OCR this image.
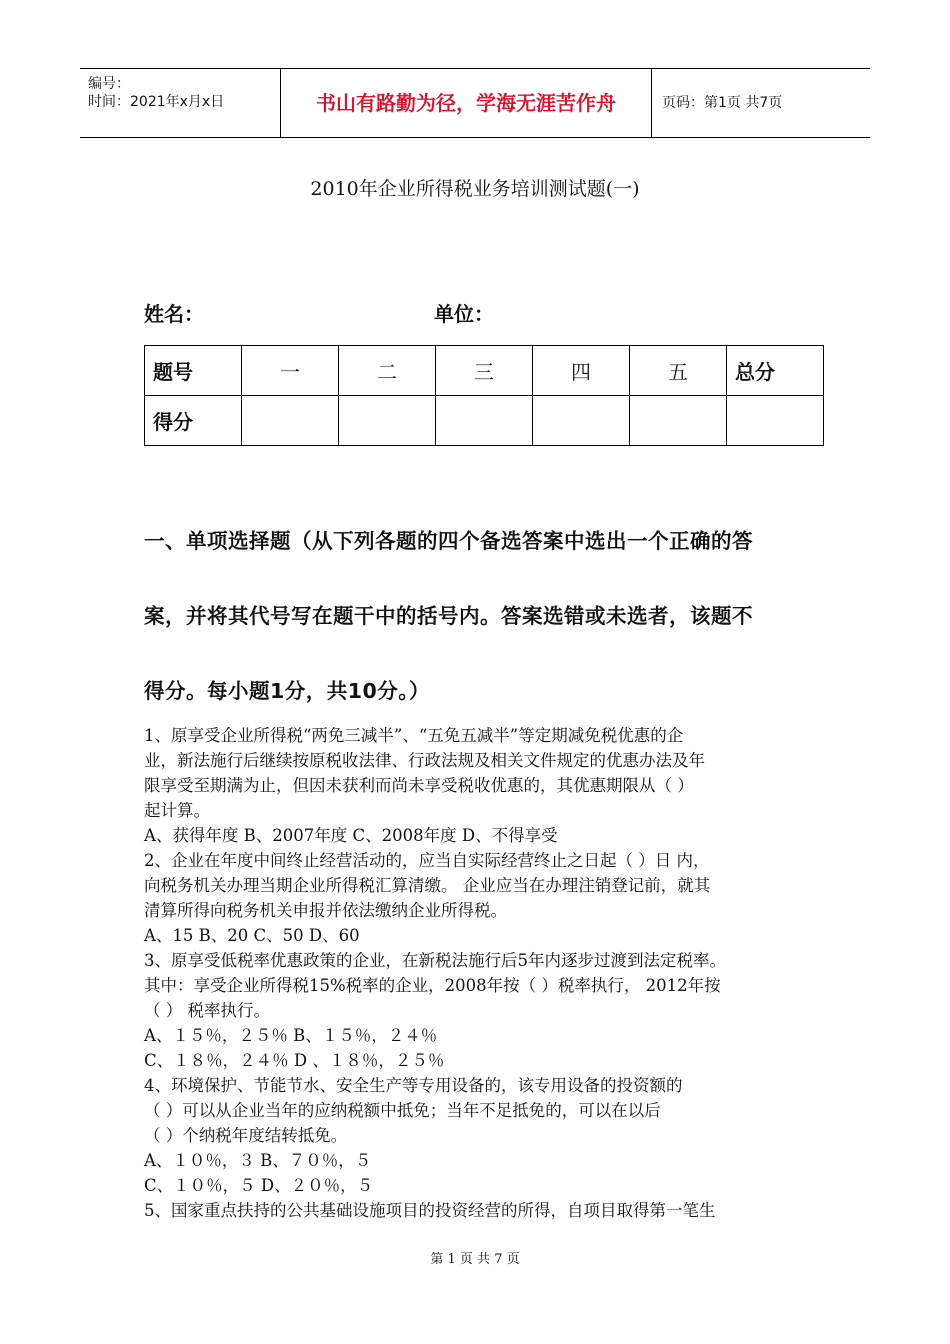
编号：
时间：2021年x月x日	书山有路勤为径，学海无涯苦作舟	页码：第1页 共7页
2010年企业所得税业务培训测试题(一)
姓名：	单位：
题号	一	二	三	四	五	总分
得分						
一、单项选择题（从下列各题的四个备选答案中选出一个正确的答
案，并将其代号写在题干中的括号内。答案选错或未选者，该题不
得分。每小题1分，共10分。）
1、原享受企业所得税“两免三减半”、“五免五减半”等定期减免税优惠的企
业，新法施行后继续按原税收法律、行政法规及相关文件规定的优惠办法及年
限享受至期满为止，但因未获利而尚未享受税收优惠的，其优惠期限从（ ）
起计算。
A、获得年度 B、2007年度 C、2008年度 D、不得享受
2、企业在年度中间终止经营活动的，应当自实际经营终止之日起（ ）日 内，
向税务机关办理当期企业所得税汇算清缴。 企业应当在办理注销登记前，就其
清算所得向税务机关申报并依法缴纳企业所得税。
A、15 B、20 C、50 D、60
3、原享受低税率优惠政策的企业，在新税法施行后5年内逐步过渡到法定税率。
其中：享受企业所得税15%税率的企业，2008年按（ ）税率执行， 2012年按
（ ） 税率执行。
A、１５％，２５％ B、１５％，２４％
C、１８％，２４％ D 、１８％，２５％
4、环境保护、节能节水、安全生产等专用设备的，该专用设备的投资额的
（ ）可以从企业当年的应纳税额中抵免；当年不足抵免的，可以在以后
（ ）个纳税年度结转抵免。
A、１０％，３ B、７０％，５
C、１０％，５ D、２０％，５
5、国家重点扶持的公共基础设施项目的投资经营的所得，自项目取得第一笔生
第 1 页 共 7 页
